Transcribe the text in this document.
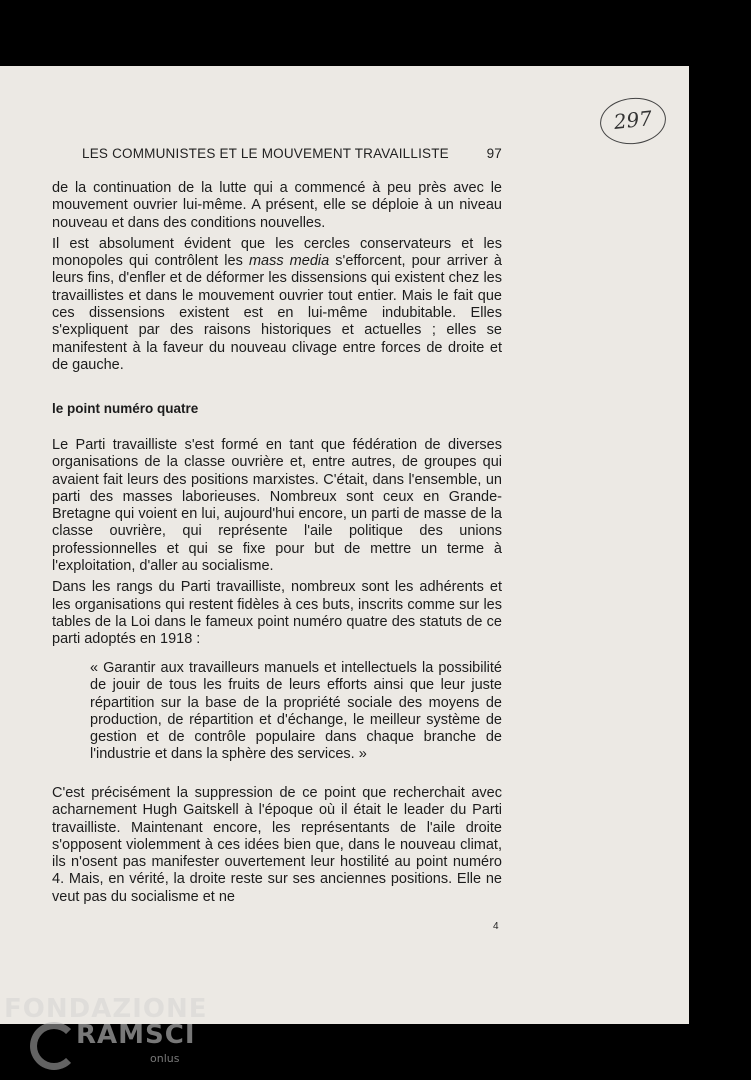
297
LES COMMUNISTES ET LE MOUVEMENT TRAVAILLISTE	97

de la continuation de la lutte qui a commencé à peu près avec le mouvement ouvrier lui-même. A présent, elle se déploie à un niveau nouveau et dans des conditions nouvelles.

Il est absolument évident que les cercles conservateurs et les monopoles qui contrôlent les mass media s'efforcent, pour arriver à leurs fins, d'enfler et de déformer les dissensions qui existent chez les travaillistes et dans le mouvement ouvrier tout entier. Mais le fait que ces dissensions existent est en lui-même indubitable. Elles s'expliquent par des raisons historiques et actuelles ; elles se manifestent à la faveur du nouveau clivage entre forces de droite et de gauche.

le point numéro quatre

Le Parti travailliste s'est formé en tant que fédération de diverses organisations de la classe ouvrière et, entre autres, de groupes qui avaient fait leurs des positions marxistes. C'était, dans l'ensemble, un parti des masses laborieuses. Nombreux sont ceux en Grande-Bretagne qui voient en lui, aujourd'hui encore, un parti de masse de la classe ouvrière, qui représente l'aile politique des unions professionnelles et qui se fixe pour but de mettre un terme à l'exploitation, d'aller au socialisme.

Dans les rangs du Parti travailliste, nombreux sont les adhérents et les organisations qui restent fidèles à ces buts, inscrits comme sur les tables de la Loi dans le fameux point numéro quatre des statuts de ce parti adoptés en 1918 :

« Garantir aux travailleurs manuels et intellectuels la possibilité de jouir de tous les fruits de leurs efforts ainsi que leur juste répartition sur la base de la propriété sociale des moyens de production, de répartition et d'échange, le meilleur système de gestion et de contrôle populaire dans chaque branche de l'industrie et dans la sphère des services. »

C'est précisément la suppression de ce point que recherchait avec acharnement Hugh Gaitskell à l'époque où il était le leader du Parti travailliste. Maintenant encore, les représentants de l'aile droite s'opposent violemment à ces idées bien que, dans le nouveau climat, ils n'osent pas manifester ouvertement leur hostilité au point numéro 4. Mais, en vérité, la droite reste sur ses anciennes positions. Elle ne veut pas du socialisme et ne

4
FONDAZIONE
RAMSCI
onlus
